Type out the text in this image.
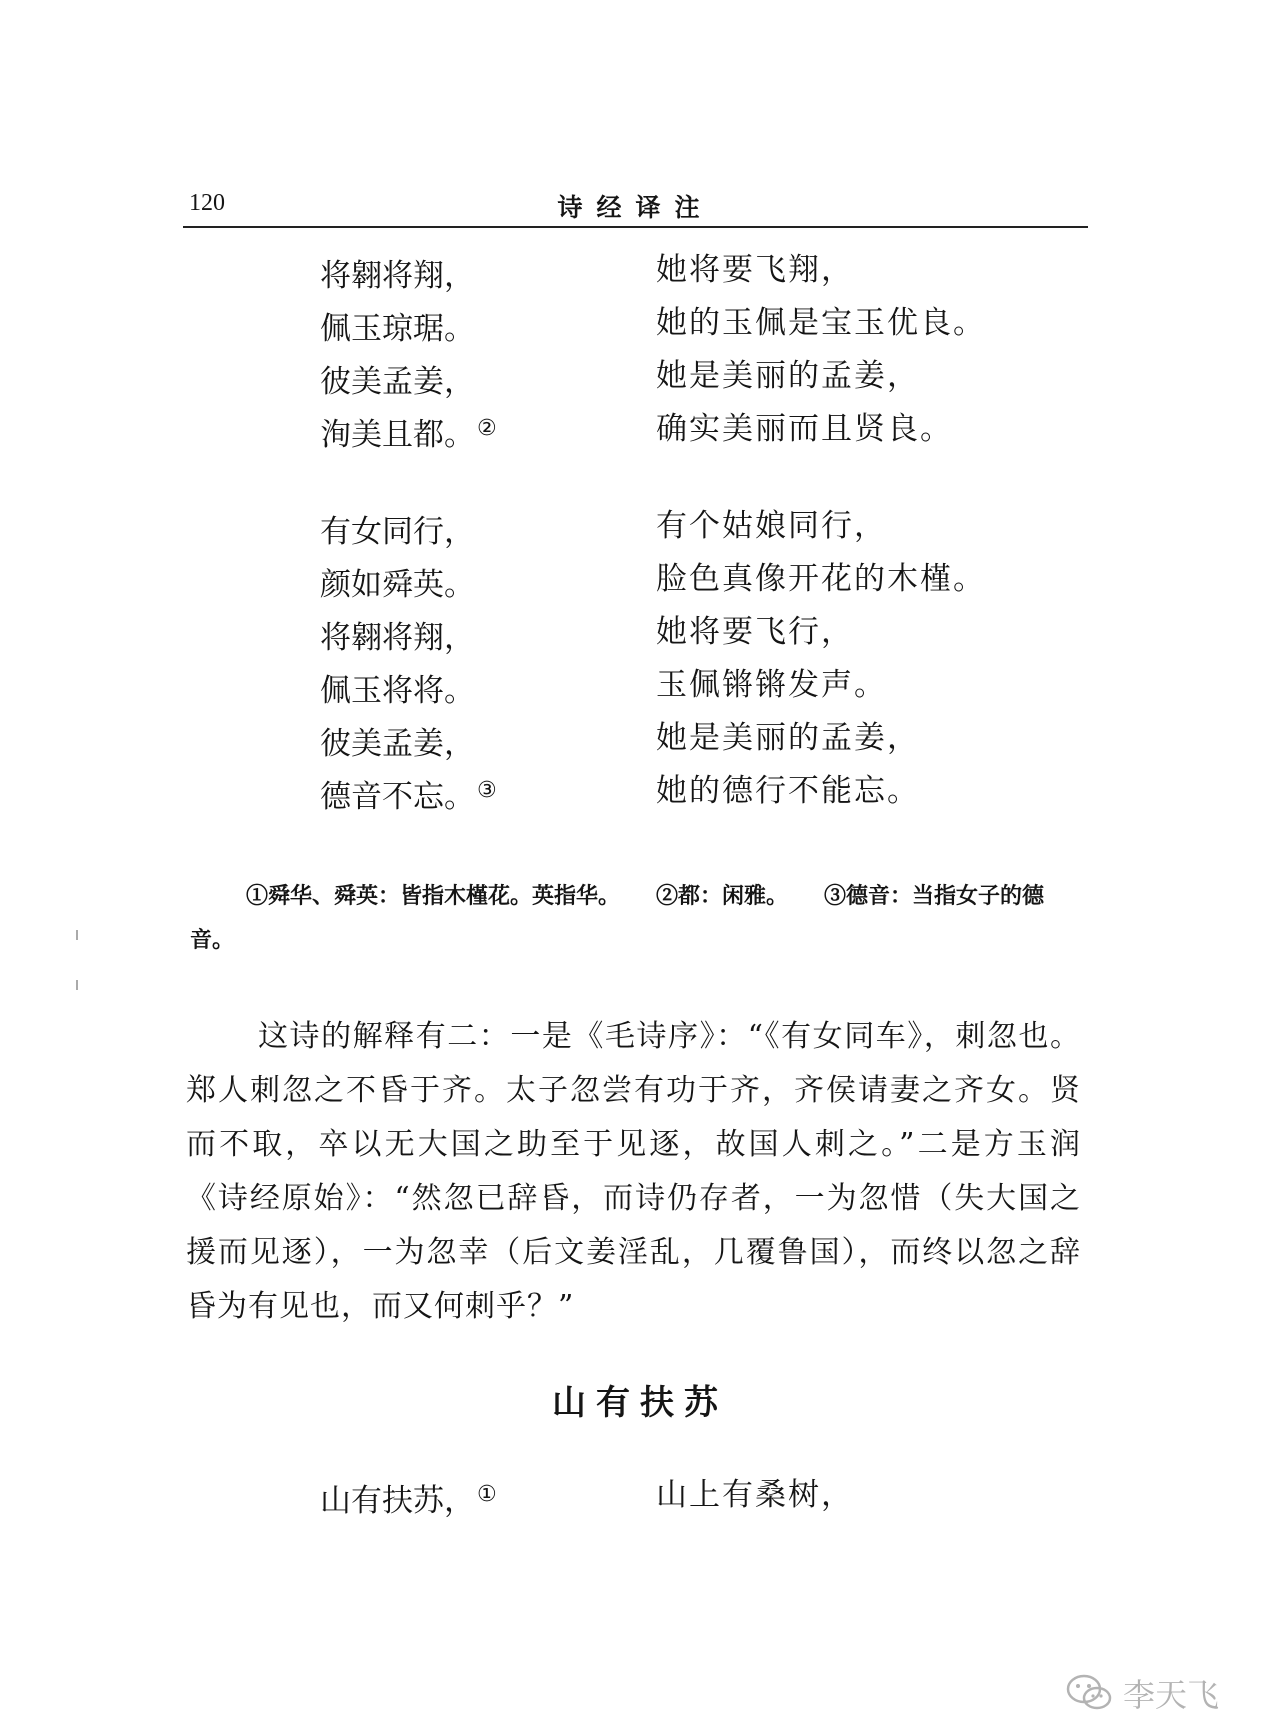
120	诗经译注
将翱将翔，	她将要飞翔，
佩玉琼琚。	她的玉佩是宝玉优良。
彼美孟姜，	她是美丽的孟姜，
洵美且都。②	确实美丽而且贤良。
有女同行，	有个姑娘同行，
颜如舜英。	脸色真像开花的木槿。
将翱将翔，	她将要飞行，
佩玉将将。	玉佩锵锵发声。
彼美孟姜，	她是美丽的孟姜，
德音不忘。③	她的德行不能忘。
①舜华、舜英：皆指木槿花。英指华。 ②都：闲雅。 ③德音：当指女子的德音。
这诗的解释有二：一是《毛诗序》：“《有女同车》，刺忽也。郑人刺忽之不昏于齐。太子忽尝有功于齐，齐侯请妻之齐女。贤而不取，卒以无大国之助至于见逐，故国人刺之。”二是方玉润《诗经原始》：“然忽已辞昏，而诗仍存者，一为忽惜（失大国之援而见逐），一为忽幸（后文姜淫乱，几覆鲁国），而终以忽之辞昏为有见也，而又何刺乎？”
山有扶苏
山有扶苏，①	山上有桑树，
李天飞
